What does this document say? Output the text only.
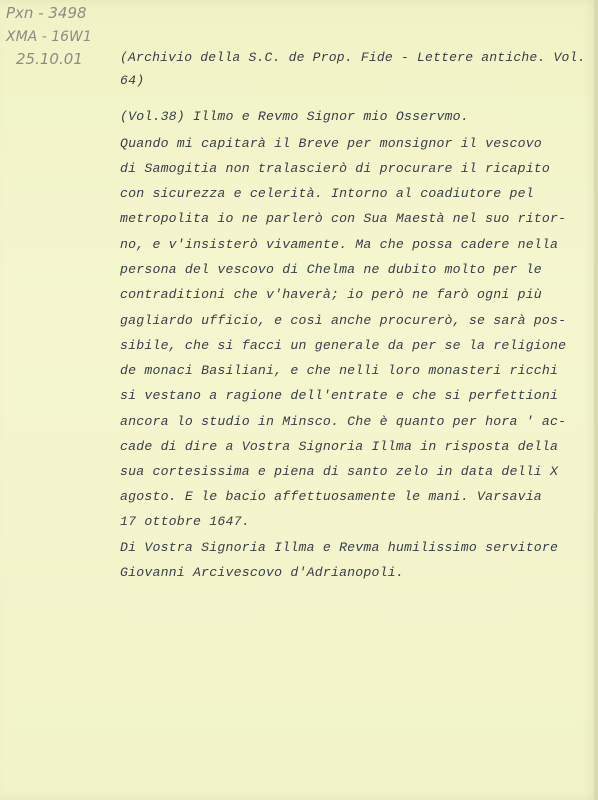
Pxn - 3498
XMA - 16W1
25.10.01	(Archivio della S.C. de Prop. Fide - Lettere antiche. Vol.
64)
(Vol.38) Illmo e Revmo Signor mio Osservmo.
Quando mi capitarà il Breve per monsignor il vescovo
di Samogitia non tralascierò di procurare il ricapito
con sicurezza e celerità. Intorno al coadiutore pel
metropolita io ne parlerò con Sua Maestà nel suo ritor-
no, e v'insisterò vivamente. Ma che possa cadere nella
persona del vescovo di Chelma ne dubito molto per le
contraditioni che v'haverà; io però ne farò ogni più
gagliardo ufficio, e così anche procurerò, se sarà pos-
sibile, che si facci un generale da per se la religione
de monaci Basiliani, e che nelli loro monasteri ricchi
si vestano a ragione dell'entrate e che si perfettioni
ancora lo studio in Minsco. Che è quanto per hora ' ac-
cade di dire a Vostra Signoria Illma in risposta della
sua cortesissima e piena di santo zelo in data delli X
agosto. E le bacio affettuosamente le mani. Varsavia
17 ottobre 1647.
Di Vostra Signoria Illma e Revma humilissimo servitore
Giovanni Arcivescovo d'Adrianopoli.
